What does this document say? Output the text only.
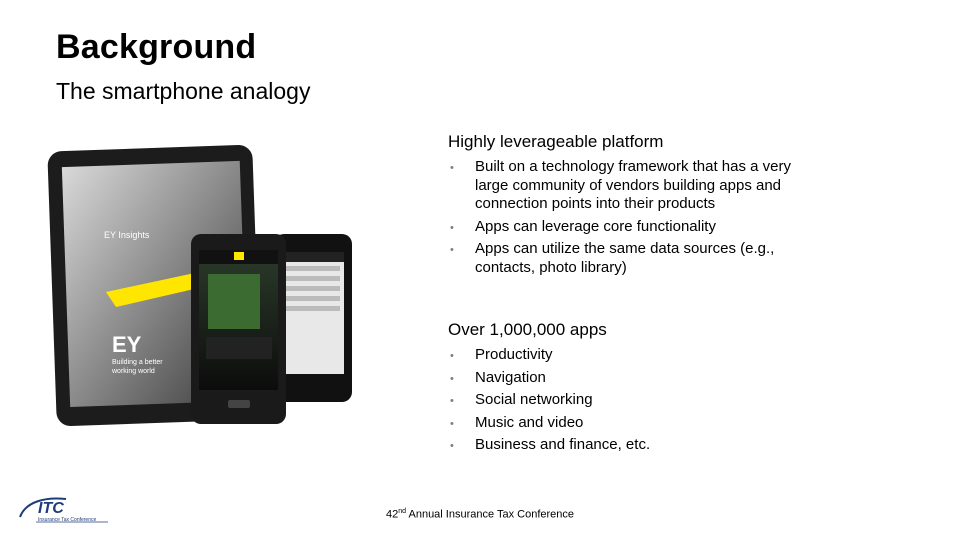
Background
The smartphone analogy
EY Insights
EY
Building a better
working world
Highly leverageable platform
• Built on a technology framework that has a very large community of vendors building apps and connection points into their products
• Apps can leverage core functionality
• Apps can utilize the same data sources (e.g., contacts, photo library)
Over 1,000,000 apps
• Productivity
• Navigation
• Social networking
• Music and video
• Business and finance, etc.
ITC
Insurance Tax Conference	42nd Annual Insurance Tax Conference
